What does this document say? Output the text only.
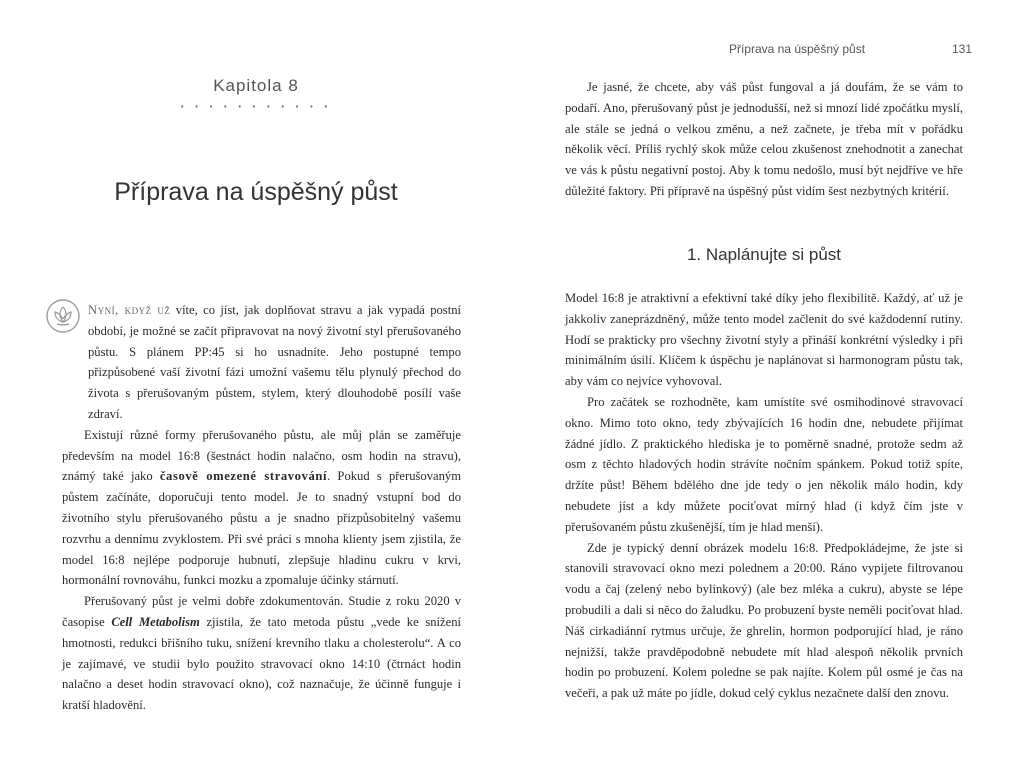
Kapitola 8
• • • • • • • • • • •
Příprava na úspěšný půst

Nyní, když už víte, co jíst, jak doplňovat stravu a jak vypadá postní období, je možné se začít připravovat na nový životní styl přerušovaného půstu. S plánem PP:45 si ho usnadníte. Jeho postupné tempo přizpůsobené vaší životní fázi umožní vašemu tělu plynulý přechod do života s přerušovaným půstem, stylem, který dlouhodobě posílí vaše zdraví.

Existují různé formy přerušovaného půstu, ale můj plán se zaměřuje především na model 16:8 (šestnáct hodin nalačno, osm hodin na stravu), známý také jako časově omezené stravování. Pokud s přerušovaným půstem začínáte, doporučuji tento model. Je to snadný vstupní bod do životního stylu přerušovaného půstu a je snadno přizpůsobitelný vašemu rozvrhu a dennímu zvyklostem. Při své práci s mnoha klienty jsem zjistila, že model 16:8 nejlépe podporuje hubnutí, zlepšuje hladinu cukru v krvi, hormonální rovnováhu, funkci mozku a zpomaluje účinky stárnutí.

Přerušovaný půst je velmi dobře zdokumentován. Studie z roku 2020 v časopise Cell Metabolism zjistila, že tato metoda půstu „vede ke snížení hmotnosti, redukci břišního tuku, snížení krevního tlaku a cholesterolu“. A co je zajímavé, ve studii bylo použito stravovací okno 14:10 (čtrnáct hodin nalačno a deset hodin stravovací okno), což naznačuje, že účinně funguje i kratší hladovění.

Příprava na úspěšný půst	131

Je jasné, že chcete, aby váš půst fungoval a já doufám, že se vám to podaří. Ano, přerušovaný půst je jednodušší, než si mnozí lidé zpočátku myslí, ale stále se jedná o velkou změnu, a než začnete, je třeba mít v pořádku několik věcí. Příliš rychlý skok může celou zkušenost znehodnotit a zanechat ve vás k půstu negativní postoj. Aby k tomu nedošlo, musí být nejdříve ve hře důležité faktory. Při přípravě na úspěšný půst vidím šest nezbytných kritérií.

1. Naplánujte si půst

Model 16:8 je atraktivní a efektivní také díky jeho flexibilitě. Každý, ať už je jakkoliv zaneprázdněný, může tento model začlenit do své každodenní rutiny. Hodí se prakticky pro všechny životní styly a přináší konkrétní výsledky i při minimálním úsilí. Klíčem k úspěchu je naplánovat si harmonogram půstu tak, aby vám co nejvíce vyhovoval.

Pro začátek se rozhodněte, kam umístíte své osmihodinové stravovací okno. Mimo toto okno, tedy zbývajících 16 hodin dne, nebudete přijímat žádné jídlo. Z praktického hlediska je to poměrně snadné, protože sedm až osm z těchto hladových hodin strávíte nočním spánkem. Pokud totiž spíte, držíte půst! Během bdělého dne jde tedy o jen několik málo hodin, kdy nebudete jíst a kdy můžete pociťovat mírný hlad (i když čím jste v přerušovaném půstu zkušenější, tím je hlad menší).

Zde je typický denní obrázek modelu 16:8. Předpokládejme, že jste si stanovili stravovací okno mezi polednem a 20:00. Ráno vypijete filtrovanou vodu a čaj (zelený nebo bylinkový) (ale bez mléka a cukru), abyste se lépe probudili a dali si něco do žaludku. Po probuzení byste neměli pociťovat hlad. Náš cirkadiánní rytmus určuje, že ghrelin, hormon podporující hlad, je ráno nejnižší, takže pravděpodobně nebudete mít hlad alespoň několik prvních hodin po probuzení. Kolem poledne se pak najíte. Kolem půl osmé je čas na večeři, a pak už máte po jídle, dokud celý cyklus nezačnete další den znovu.
